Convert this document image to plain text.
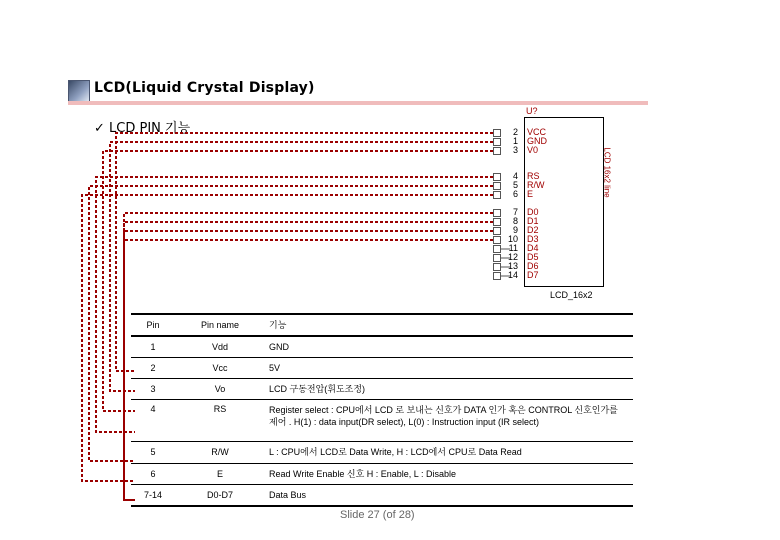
LCD(Liquid Crystal Display)
✓ LCD PIN 기능
U?
LCD 16x2 line
2 VCC
1 GND
3 V0
4 RS
5 R/W
6 E
7 D0
8 D1
9 D2
10 D3
11 D4
12 D5
13 D6
14 D7
LCD_16x2
Pin	Pin name	기능
1	Vdd	GND
2	Vcc	5V
3	Vo	LCD 구동전압(휘도조정)
4	RS	Register select : CPU에서 LCD 로 보내는 신호가 DATA 인가 혹은 CONTROL 신호인가를 제어 . H(1) : data input(DR select), L(0) : Instruction input (IR select)
5	R/W	L : CPU에서 LCD로 Data Write, H : LCD에서 CPU로 Data Read
6	E	Read Write Enable 신호 H : Enable, L : Disable
7-14	D0-D7	Data Bus
Slide 27 (of 28)
